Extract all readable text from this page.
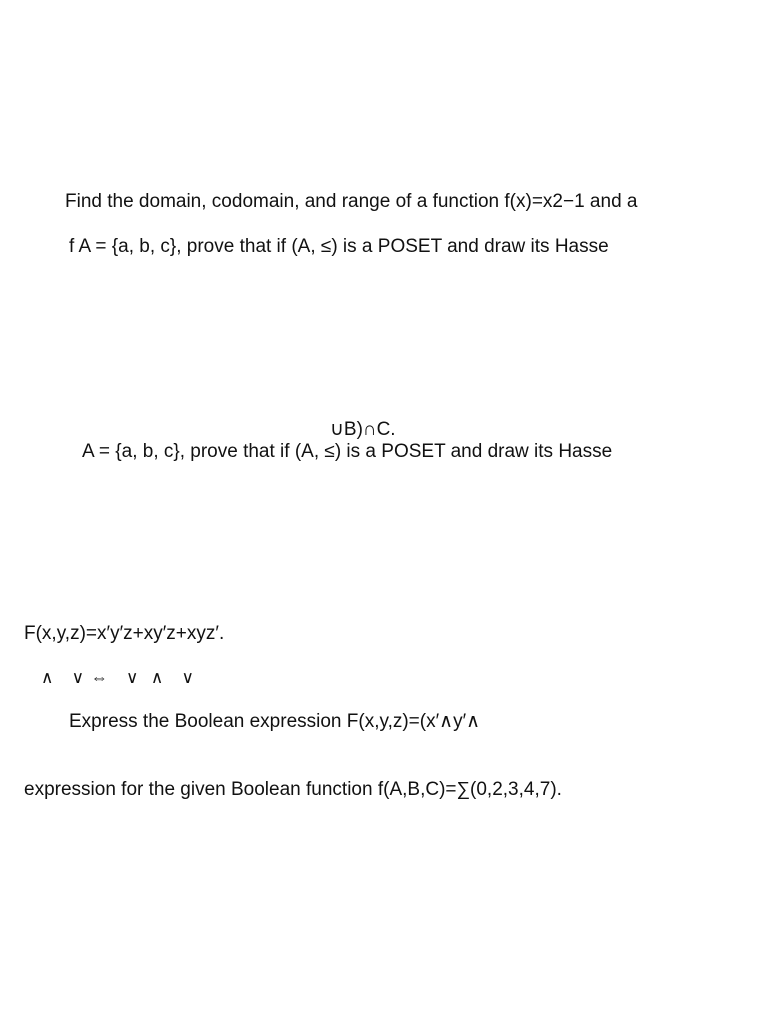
Find the domain, codomain, and range of a function f(x)=x2−1 and a
f A = {a, b, c}, prove that if (A, ≤) is a POSET and draw its Hasse
∪B)∩C.
A = {a, b, c}, prove that if (A, ≤) is a POSET and draw its Hasse
F(x,y,z)=x′y′z+xy′z+xyz′.
∧   ∨ ⇔   ∨  ∧   ∨
Express the Boolean expression F(x,y,z)=(x′∧y′∧
expression for the given Boolean function f(A,B,C)=∑(0,2,3,4,7).
